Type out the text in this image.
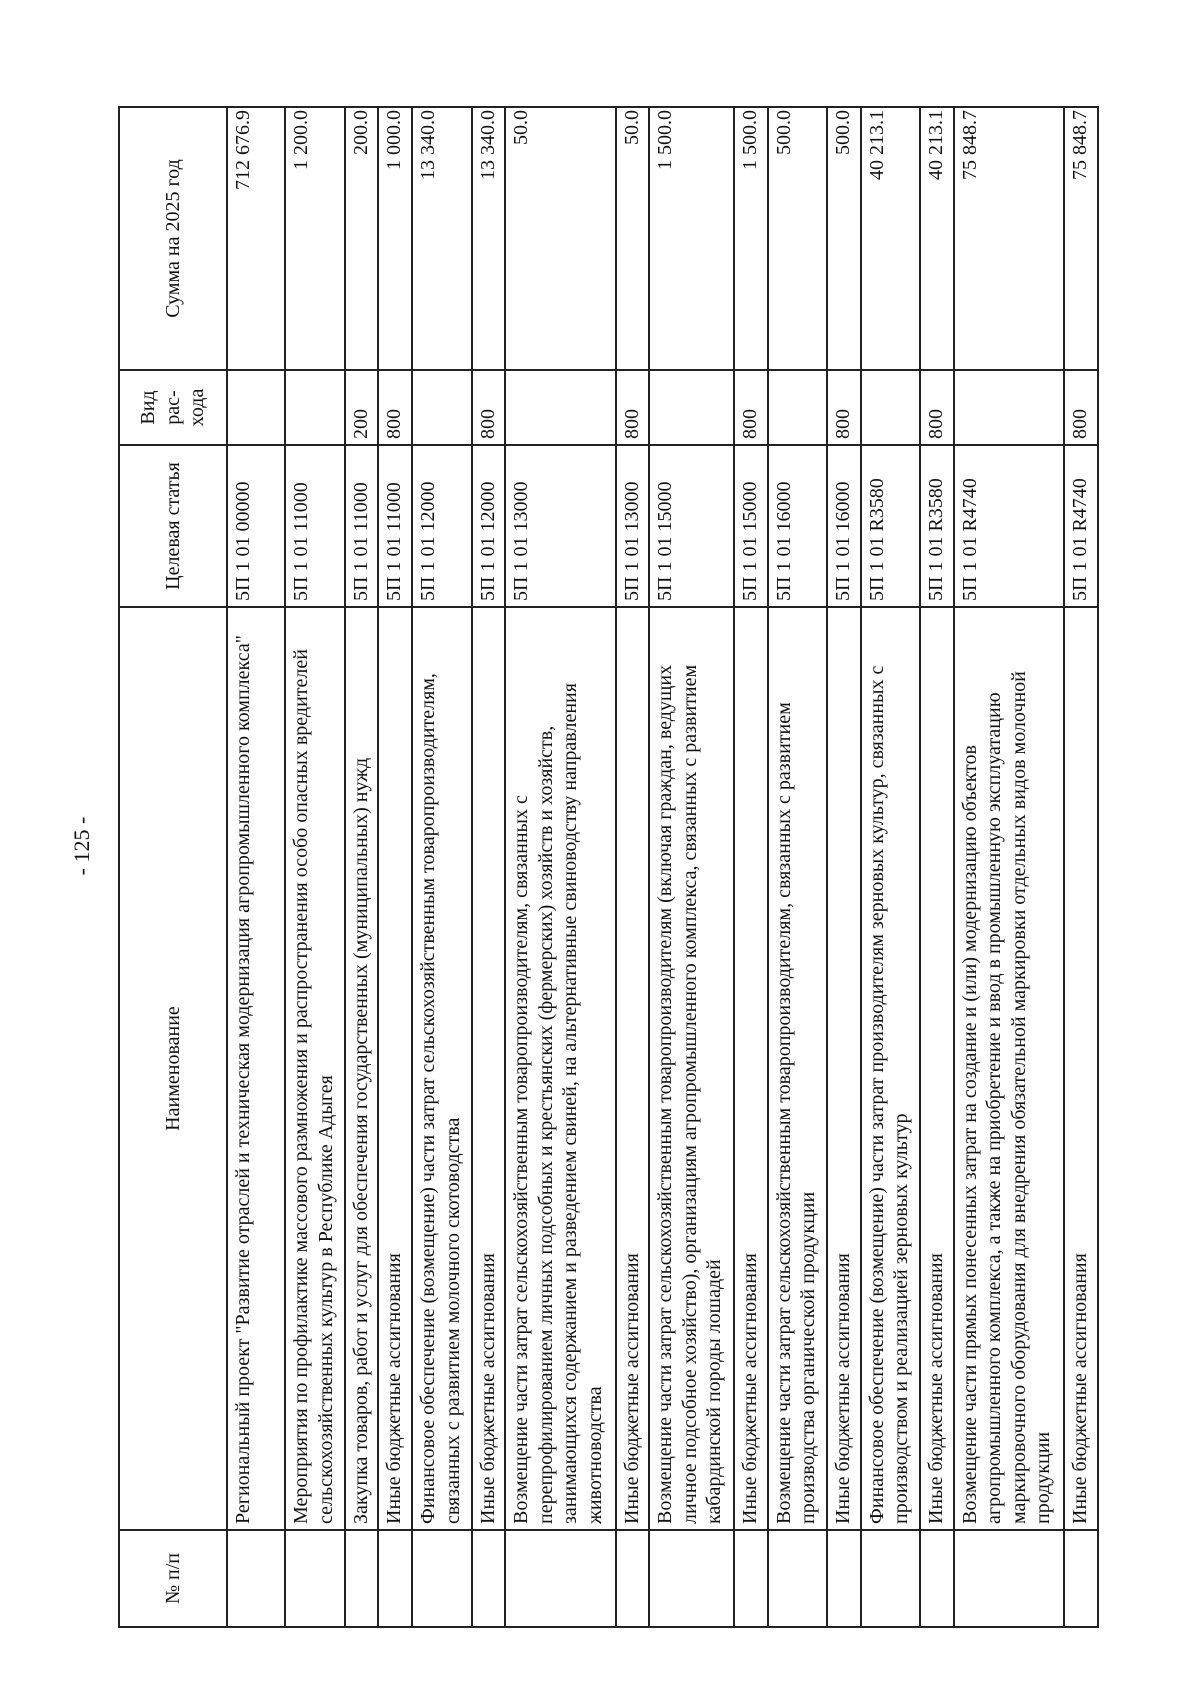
- 125 -
№ п/п	Наименование	Целевая статья	Вид рас-хода	Сумма на 2025 год
	Региональный проект "Развитие отраслей и техническая модернизация агропромышленного комплекса"	5П 1 01 00000		712 676.9
	Мероприятия по профилактике массового размножения и распространения особо опасных вредителей сельскохозяйственных культур в Республике Адыгея	5П 1 01 11000		1 200.0
	Закупка товаров, работ и услуг для обеспечения государственных (муниципальных) нужд	5П 1 01 11000	200	200.0
	Иные бюджетные ассигнования	5П 1 01 11000	800	1 000.0
	Финансовое обеспечение (возмещение) части затрат сельскохозяйственным товаропроизводителям, связанных с развитием молочного скотоводства	5П 1 01 12000		13 340.0
	Иные бюджетные ассигнования	5П 1 01 12000	800	13 340.0
	Возмещение части затрат сельскохозяйственным товаропроизводителям, связанных с перепрофилированием личных подсобных и крестьянских (фермерских) хозяйств и хозяйств, занимающихся содержанием и разведением свиней, на альтернативные свиноводству направления животноводства	5П 1 01 13000		50.0
	Иные бюджетные ассигнования	5П 1 01 13000	800	50.0
	Возмещение части затрат сельскохозяйственным товаропроизводителям (включая граждан, ведущих личное подсобное хозяйство), организациям агропромышленного комплекса, связанных с развитием кабардинской породы лошадей	5П 1 01 15000		1 500.0
	Иные бюджетные ассигнования	5П 1 01 15000	800	1 500.0
	Возмещение части затрат сельскохозяйственным товаропроизводителям, связанных с развитием производства органической продукции	5П 1 01 16000		500.0
	Иные бюджетные ассигнования	5П 1 01 16000	800	500.0
	Финансовое обеспечение (возмещение) части затрат производителям зерновых культур, связанных с производством и реализацией зерновых культур	5П 1 01 R3580		40 213.1
	Иные бюджетные ассигнования	5П 1 01 R3580	800	40 213.1
	Возмещение части прямых понесенных затрат на создание и (или) модернизацию объектов агропромышленного комплекса, а также на приобретение и ввод в промышленную эксплуатацию маркировочного оборудования для внедрения обязательной маркировки отдельных видов молочной продукции	5П 1 01 R4740		75 848.7
	Иные бюджетные ассигнования	5П 1 01 R4740	800	75 848.7
